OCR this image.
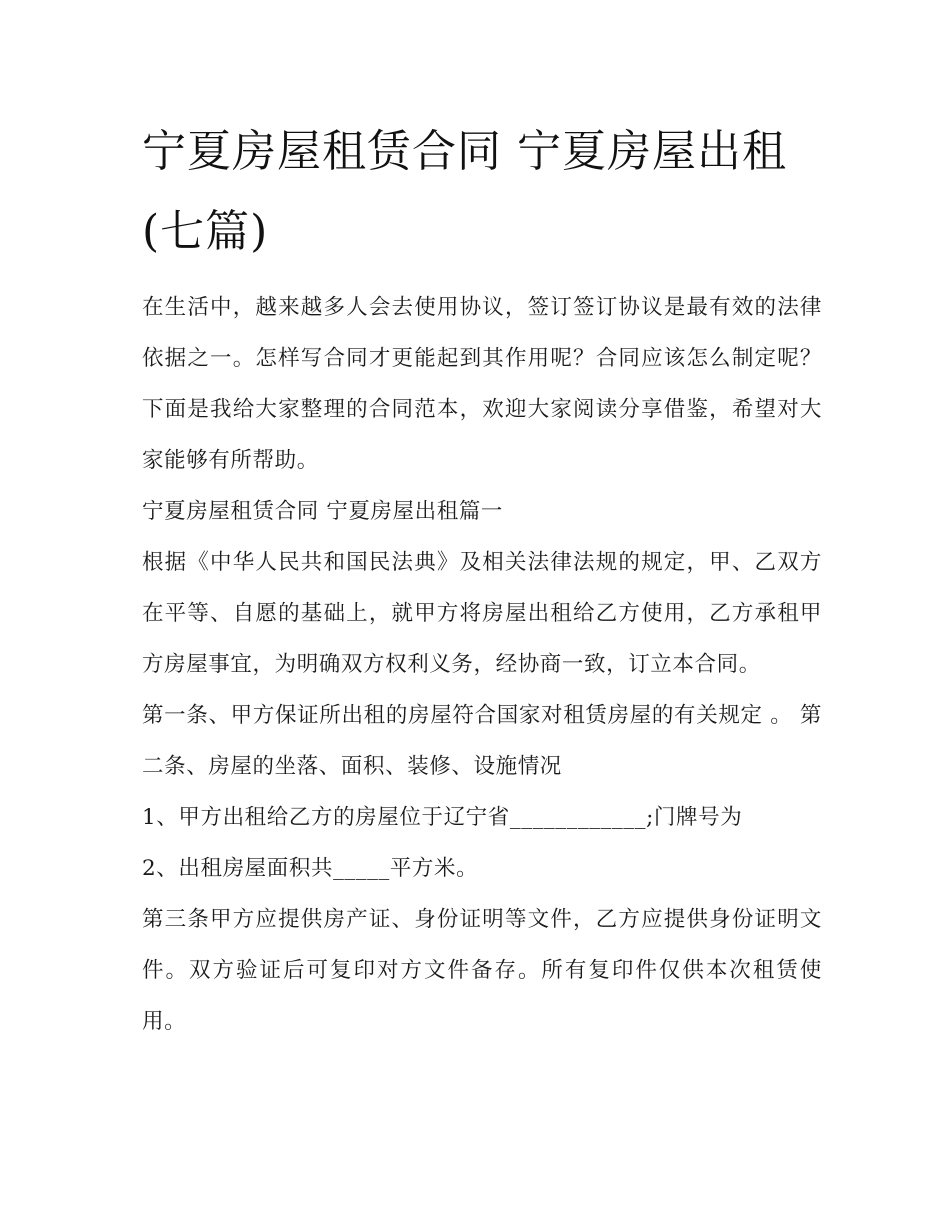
宁夏房屋租赁合同 宁夏房屋出租(七篇)

在生活中，越来越多人会去使用协议，签订签订协议是最有效的法律依据之一。怎样写合同才更能起到其作用呢？合同应该怎么制定呢？下面是我给大家整理的合同范本，欢迎大家阅读分享借鉴，希望对大家能够有所帮助。

宁夏房屋租赁合同 宁夏房屋出租篇一

根据《中华人民共和国民法典》及相关法律法规的规定，甲、乙双方在平等、自愿的基础上，就甲方将房屋出租给乙方使用，乙方承租甲方房屋事宜，为明确双方权利义务，经协商一致，订立本合同。

第一条、甲方保证所出租的房屋符合国家对租赁房屋的有关规定 。 第二条、房屋的坐落、面积、装修、设施情况

1、甲方出租给乙方的房屋位于辽宁省____________;门牌号为

2、出租房屋面积共_____平方米。

第三条甲方应提供房产证、身份证明等文件，乙方应提供身份证明文件。双方验证后可复印对方文件备存。所有复印件仅供本次租赁使用。
